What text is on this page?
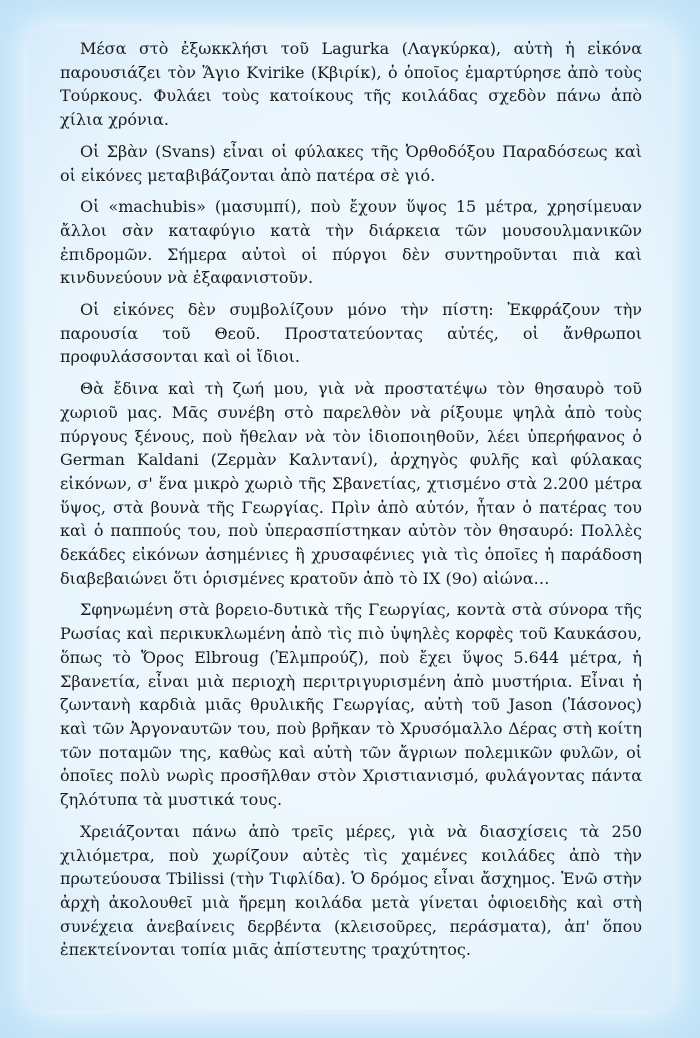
Μέσα στὸ ἐξωκκλήσι τοῦ Lagurka (Λαγκύρκα), αὐτὴ ἡ εἰκόνα παρουσιάζει τὸν Ἅγιο Kvirike (Κβιρίκ), ὁ ὁποῖος ἐμαρτύρησε ἀπὸ τοὺς Τούρκους. Φυλάει τοὺς κατοίκους τῆς κοιλάδας σχεδὸν πάνω ἀπὸ χίλια χρόνια.

Οἱ Σβὰν (Svans) εἶναι οἱ φύλακες τῆς Ὀρθοδόξου Παραδόσεως καὶ οἱ εἰκόνες μεταβιβάζονται ἀπὸ πατέρα σὲ γιό.

Οἱ «machubis» (μασυμπί), ποὺ ἔχουν ὕψος 15 μέτρα, χρησίμευαν ἄλλοι σὰν καταφύγιο κατὰ τὴν διάρκεια τῶν μουσουλμανικῶν ἐπιδρομῶν. Σήμερα αὐτοὶ οἱ πύργοι δὲν συντηροῦνται πιὰ καὶ κινδυνεύουν νὰ ἐξαφανιστοῦν.

Οἱ εἰκόνες δὲν συμβολίζουν μόνο τὴν πίστη: Ἐκφράζουν τὴν παρουσία τοῦ Θεοῦ. Προστατεύοντας αὐτές, οἱ ἄνθρωποι προφυλάσσονται καὶ οἱ ἴδιοι.

Θὰ ἔδινα καὶ τὴ ζωή μου, γιὰ νὰ προστατέψω τὸν θησαυρὸ τοῦ χωριοῦ μας. Μᾶς συνέβη στὸ παρελθὸν νὰ ρίξουμε ψηλὰ ἀπὸ τοὺς πύργους ξένους, ποὺ ἤθελαν νὰ τὸν ἰδιοποιηθοῦν, λέει ὑπερήφανος ὁ German Kaldani (Ζερμὰν Καλντανί), ἀρχηγὸς φυλῆς καὶ φύλακας εἰκόνων, σ' ἕνα μικρὸ χωριὸ τῆς Σβανετίας, χτισμένο στὰ 2.200 μέτρα ὕψος, στὰ βουνὰ τῆς Γεωργίας. Πρὶν ἀπὸ αὐτόν, ἦταν ὁ πατέρας του καὶ ὁ παππούς του, ποὺ ὑπερασπίστηκαν αὐτὸν τὸν θησαυρό: Πολλὲς δεκάδες εἰκόνων ἀσημένιες ἢ χρυσαφένιες γιὰ τὶς ὁποῖες ἡ παράδοση διαβεβαιώνει ὅτι ὁρισμένες κρατοῦν ἀπὸ τὸ IX (9ο) αἰώνα…

Σφηνωμένη στὰ βορειο-δυτικὰ τῆς Γεωργίας, κοντὰ στὰ σύνορα τῆς Ρωσίας καὶ περικυκλωμένη ἀπὸ τὶς πιὸ ὑψηλὲς κορφὲς τοῦ Καυκάσου, ὅπως τὸ Ὄρος Elbroug (Ἐλμπρούζ), ποὺ ἔχει ὕψος 5.644 μέτρα, ἡ Σβανετία, εἶναι μιὰ περιοχὴ περιτριγυρισμένη ἀπὸ μυστήρια. Εἶναι ἡ ζωντανὴ καρδιὰ μιᾶς θρυλικῆς Γεωργίας, αὐτὴ τοῦ Jason (Ἰάσονος) καὶ τῶν Ἀργοναυτῶν του, ποὺ βρῆκαν τὸ Χρυσόμαλλο Δέρας στὴ κοίτη τῶν ποταμῶν της, καθὼς καὶ αὐτὴ τῶν ἄγριων πολεμικῶν φυλῶν, οἱ ὁποῖες πολὺ νωρὶς προσῆλθαν στὸν Χριστιανισμό, φυλάγοντας πάντα ζηλότυπα τὰ μυστικά τους.

Χρειάζονται πάνω ἀπὸ τρεῖς μέρες, γιὰ νὰ διασχίσεις τὰ 250 χιλιόμετρα, ποὺ χωρίζουν αὐτὲς τὶς χαμένες κοιλάδες ἀπὸ τὴν πρωτεύουσα Tbilissi (τὴν Τιφλίδα). Ὁ δρόμος εἶναι ἄσχημος. Ἐνῶ στὴν ἀρχὴ ἀκολουθεῖ μιὰ ἤρεμη κοιλάδα μετὰ γίνεται ὀφιοειδὴς καὶ στὴ συνέχεια ἀνεβαίνεις δερβέντα (κλεισοῦρες, περάσματα), ἀπ' ὅπου ἐπεκτείνονται τοπία μιᾶς ἀπίστευτης τραχύτητος.
